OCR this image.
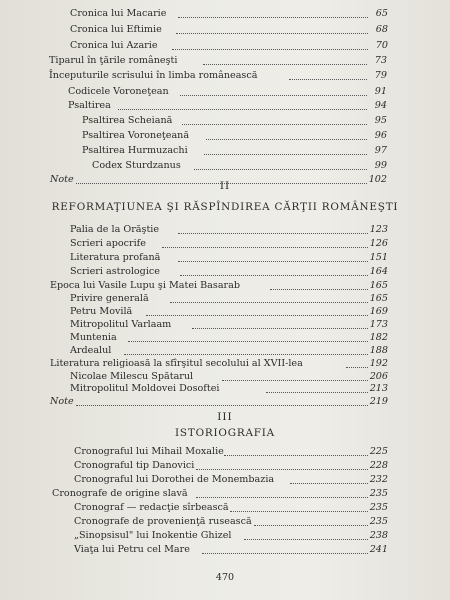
Cronica lui Macarie	65
Cronica lui Eftimie	68
Cronica lui Azarie	70
Tiparul în ţările româneşti	73
Începuturile scrisului în limba românească	79
Codicele Voroneţean	91
Psaltirea	94
Psaltirea Scheiană	95
Psaltirea Voroneţeană	96
Psaltirea Hurmuzachi	97
Codex Sturdzanus	99
Note	102
II
REFORMAŢIUNEA ŞI RĂSPÎNDIREA CĂRŢII ROMÂNEŞTI
Palia de la Orăştie	123
Scrieri apocrife	126
Literatura profană	151
Scrieri astrologice	164
Epoca lui Vasile Lupu şi Matei Basarab	165
Privire generală	165
Petru Movilă	169
Mitropolitul Varlaam	173
Muntenia	182
Ardealul	188
Literatura religioasă la sfîrşitul secolului al XVII-lea	192
Nicolae Milescu Spătarul	206
Mitropolitul Moldovei Dosoftei	213
Note	219
III
ISTORIOGRAFIA
Cronograful lui Mihail Moxalie	225
Cronograful tip Danovici	228
Cronograful lui Dorothei de Monembazia	232
Cronografe de origine slavă	235
Cronograf — redacţie sîrbească	235
Cronografe de provenienţă rusească	235
„Sinopsisul" lui Inokentie Ghizel	238
Viaţa lui Petru cel Mare	241
470
